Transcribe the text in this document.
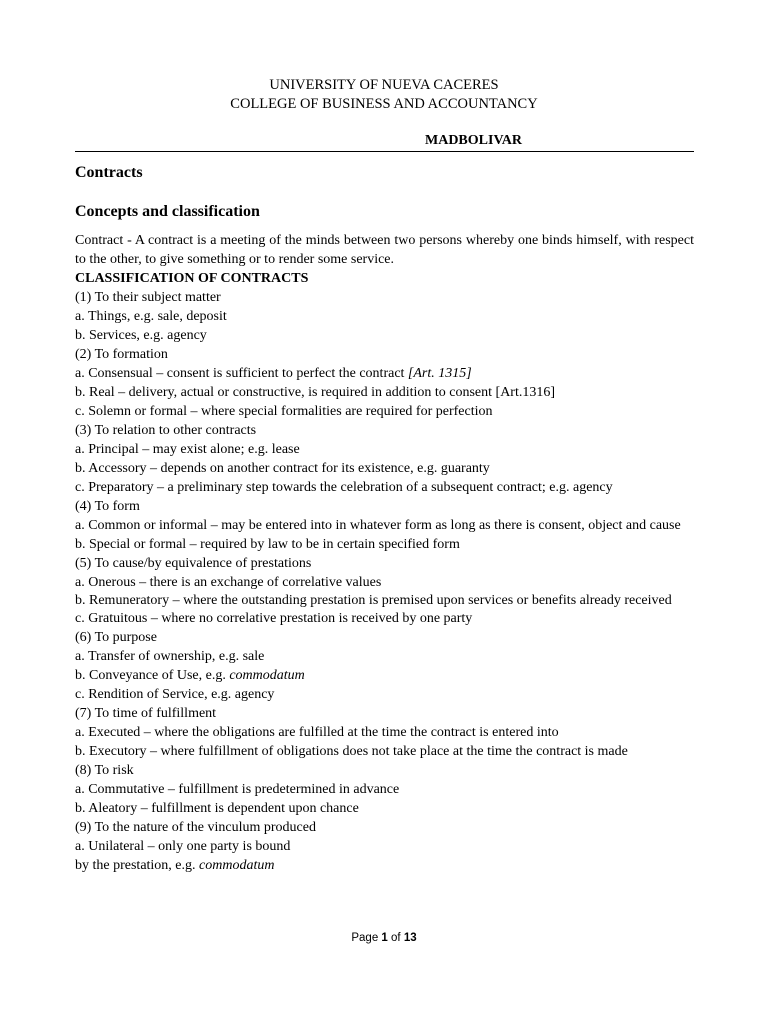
UNIVERSITY OF NUEVA CACERES
COLLEGE OF BUSINESS AND ACCOUNTANCY
MADBOLIVAR
Contracts
Concepts and classification
Contract - A contract is a meeting of the minds between two persons whereby one binds himself, with respect to the other, to give something or to render some service.
CLASSIFICATION OF CONTRACTS
(1) To their subject matter
a. Things, e.g. sale, deposit
b. Services, e.g. agency
(2) To formation
a. Consensual – consent is sufficient to perfect the contract [Art. 1315]
b. Real – delivery, actual or constructive, is required in addition to consent [Art.1316]
c. Solemn or formal – where special formalities are required for perfection
(3) To relation to other contracts
a. Principal – may exist alone; e.g. lease
b. Accessory – depends on another contract for its existence, e.g. guaranty
c. Preparatory – a preliminary step towards the celebration of a subsequent contract; e.g. agency
(4) To form
a. Common or informal – may be entered into in whatever form as long as there is consent, object and cause
b. Special or formal – required by law to be in certain specified form
(5) To cause/by equivalence of prestations
a. Onerous – there is an exchange of correlative values
b. Remuneratory – where the outstanding prestation is premised upon services or benefits already received
c. Gratuitous – where no correlative prestation is received by one party
(6) To purpose
a. Transfer of ownership, e.g. sale
b. Conveyance of Use, e.g. commodatum
c. Rendition of Service, e.g. agency
(7) To time of fulfillment
a. Executed – where the obligations are fulfilled at the time the contract is entered into
b. Executory – where fulfillment of obligations does not take place at the time the contract is made
(8) To risk
a. Commutative – fulfillment is predetermined in advance
b. Aleatory – fulfillment is dependent upon chance
(9) To the nature of the vinculum produced
a. Unilateral – only one party is bound
by the prestation, e.g. commodatum
Page 1 of 13
